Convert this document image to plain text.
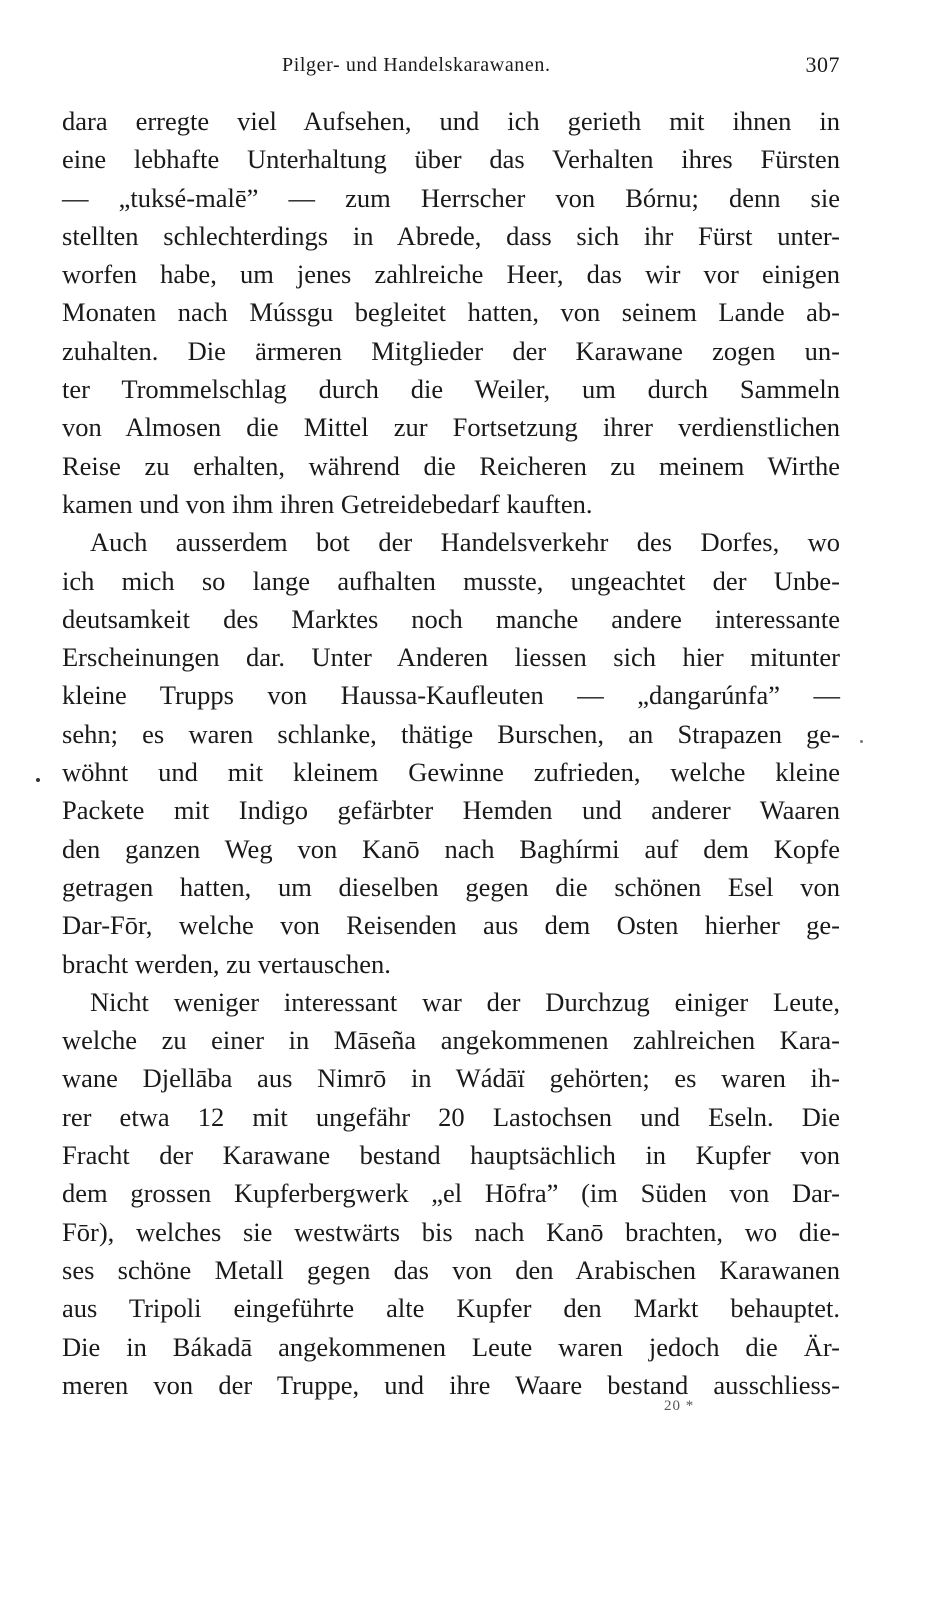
Pilger- und Handelskarawanen.	307
dara erregte viel Aufsehen, und ich gerieth mit ihnen in
eine lebhafte Unterhaltung über das Verhalten ihres Fürsten
— „tuksé-malē” — zum Herrscher von Bórnu; denn sie
stellten schlechterdings in Abrede, dass sich ihr Fürst unter-
worfen habe, um jenes zahlreiche Heer, das wir vor einigen
Monaten nach Mússgu begleitet hatten, von seinem Lande ab-
zuhalten. Die ärmeren Mitglieder der Karawane zogen un-
ter Trommelschlag durch die Weiler, um durch Sammeln
von Almosen die Mittel zur Fortsetzung ihrer verdienstlichen
Reise zu erhalten, während die Reicheren zu meinem Wirthe
kamen und von ihm ihren Getreidebedarf kauften.
Auch ausserdem bot der Handelsverkehr des Dorfes, wo
ich mich so lange aufhalten musste, ungeachtet der Unbe-
deutsamkeit des Marktes noch manche andere interessante
Erscheinungen dar. Unter Anderen liessen sich hier mitunter
kleine Trupps von Haussa-Kaufleuten — „dangarúnfa” —
sehn; es waren schlanke, thätige Burschen, an Strapazen ge-
wöhnt und mit kleinem Gewinne zufrieden, welche kleine
Packete mit Indigo gefärbter Hemden und anderer Waaren
den ganzen Weg von Kanō nach Baghírmi auf dem Kopfe
getragen hatten, um dieselben gegen die schönen Esel von
Dar-Fōr, welche von Reisenden aus dem Osten hierher ge-
bracht werden, zu vertauschen.
Nicht weniger interessant war der Durchzug einiger Leute,
welche zu einer in Māseña angekommenen zahlreichen Kara-
wane Djellāba aus Nimrō in Wádāï gehörten; es waren ih-
rer etwa 12 mit ungefähr 20 Lastochsen und Eseln. Die
Fracht der Karawane bestand hauptsächlich in Kupfer von
dem grossen Kupferbergwerk „el Hōfra” (im Süden von Dar-
Fōr), welches sie westwärts bis nach Kanō brachten, wo die-
ses schöne Metall gegen das von den Arabischen Karawanen
aus Tripoli eingeführte alte Kupfer den Markt behauptet.
Die in Bákadā angekommenen Leute waren jedoch die Är-
meren von der Truppe, und ihre Waare bestand ausschliess-
20 *
